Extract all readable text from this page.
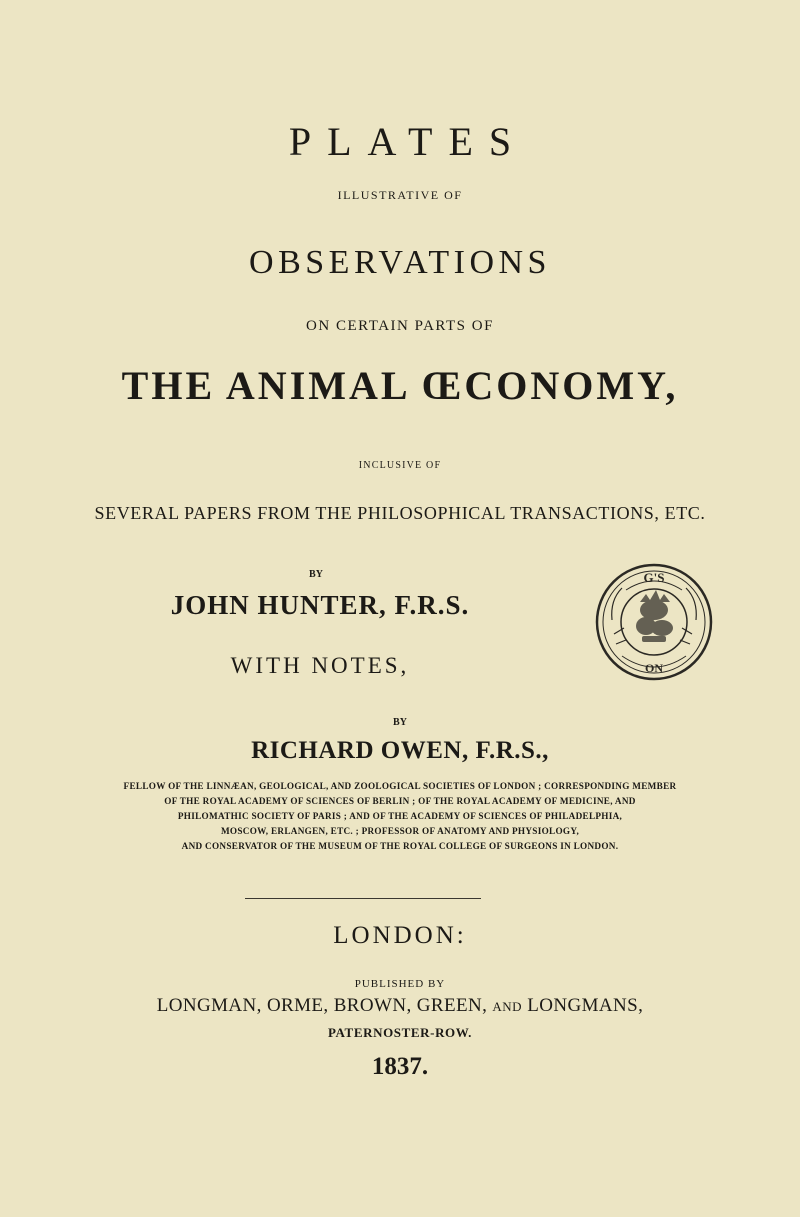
PLATES
ILLUSTRATIVE OF
OBSERVATIONS
ON CERTAIN PARTS OF
THE ANIMAL ŒCONOMY,
INCLUSIVE OF
SEVERAL PAPERS FROM THE PHILOSOPHICAL TRANSACTIONS, ETC.
BY
JOHN HUNTER, F.R.S.
WITH NOTES,
G'S
ON
BY
RICHARD OWEN, F.R.S.,
FELLOW OF THE LINNÆAN, GEOLOGICAL, AND ZOOLOGICAL SOCIETIES OF LONDON ; CORRESPONDING MEMBER
OF THE ROYAL ACADEMY OF SCIENCES OF BERLIN ; OF THE ROYAL ACADEMY OF MEDICINE, AND
PHILOMATHIC SOCIETY OF PARIS ; AND OF THE ACADEMY OF SCIENCES OF PHILADELPHIA,
MOSCOW, ERLANGEN, ETC. ; PROFESSOR OF ANATOMY AND PHYSIOLOGY,
AND CONSERVATOR OF THE MUSEUM OF THE ROYAL COLLEGE OF SURGEONS IN LONDON.
LONDON:
PUBLISHED BY
LONGMAN, ORME, BROWN, GREEN, AND LONGMANS,
PATERNOSTER-ROW.
1837.
